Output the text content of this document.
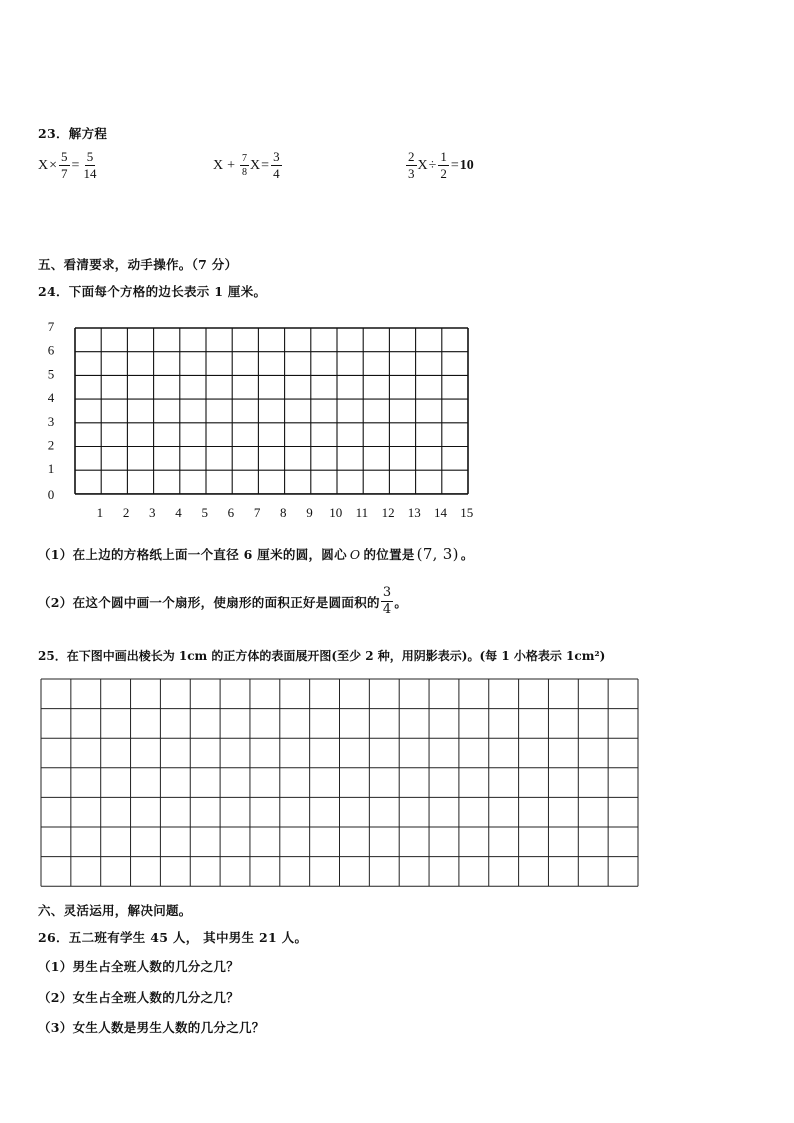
23．解方程
$X \times \frac{5}{7} = \frac{5}{14}$	$X + \frac{7}{8}$ $X = \frac{3}{4}$	$\frac{2}{3}$ $X \div \frac{1}{2} = 10$
五、看清要求，动手操作。（7 分）
24．下面每个方格的边长表示 1 厘米。
0
1
2
3
4
5
6
7
1 2 3 4 5 6 7 8 9 10 11 12 13 14 15
（1）在上边的方格纸上面一个直径 6 厘米的圆，圆心 O 的位置是 (7, 3) 。
（2）在这个圆中画一个扇形，使扇形的面积正好是圆面积的 $\frac{3}{4}$ 。
25．在下图中画出棱长为 1cm 的正方体的表面展开图(至少 2 种，用阴影表示)。(每 1 小格表示 1cm²)
六、灵活运用，解决问题。
26．五二班有学生 45 人， 其中男生 21 人。
（1）男生占全班人数的几分之几？
（2）女生占全班人数的几分之几？
（3）女生人数是男生人数的几分之几？
